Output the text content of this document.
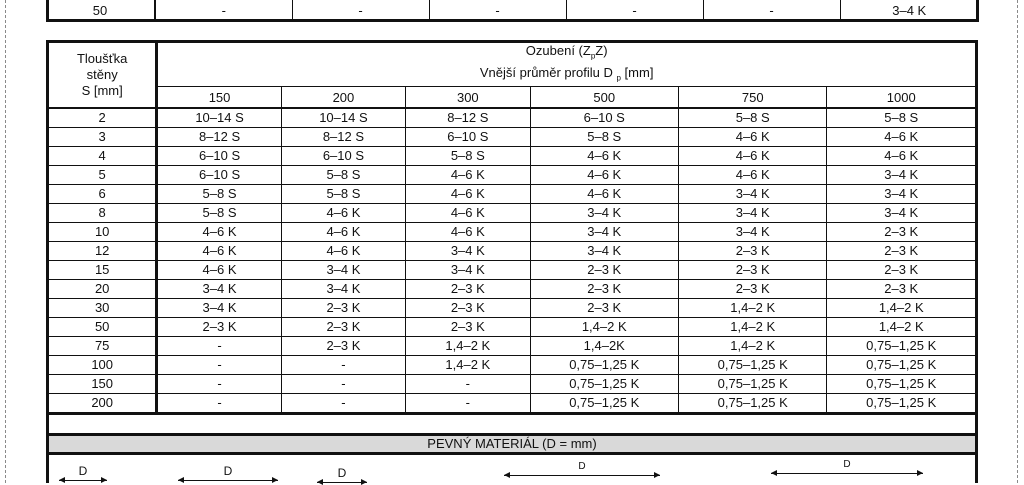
50	-	-	-	-	-	3–4 K
Tloušťka
stěny
S [mm]	Ozubení $(Z_pZ)$
Vnější průměr profilu D $_p$ [mm]					
	150	200	300	500	750	1000
2	10–14 S	10–14 S	8–12 S	6–10 S	5–8 S	5–8 S
3	8–12 S	8–12 S	6–10 S	5–8 S	4–6 K	4–6 K
4	6–10 S	6–10 S	5–8 S	4–6 K	4–6 K	4–6 K
5	6–10 S	5–8 S	4–6 K	4–6 K	4–6 K	3–4 K
6	5–8 S	5–8 S	4–6 K	4–6 K	3–4 K	3–4 K
8	5–8 S	4–6 K	4–6 K	3–4 K	3–4 K	3–4 K
10	4–6 K	4–6 K	4–6 K	3–4 K	3–4 K	2–3 K
12	4–6 K	4–6 K	3–4 K	3–4 K	2–3 K	2–3 K
15	4–6 K	3–4 K	3–4 K	2–3 K	2–3 K	2–3 K
20	3–4 K	3–4 K	2–3 K	2–3 K	2–3 K	2–3 K
30	3–4 K	2–3 K	2–3 K	2–3 K	1,4–2 K	1,4–2 K
50	2–3 K	2–3 K	2–3 K	1,4–2 K	1,4–2 K	1,4–2 K
75	-	2–3 K	1,4–2 K	1,4–2K	1,4–2 K	0,75–1,25 K
100	-	-	1,4–2 K	0,75–1,25 K	0,75–1,25 K	0,75–1,25 K
150	-	-	-	0,75–1,25 K	0,75–1,25 K	0,75–1,25 K
200	-	-	-	0,75–1,25 K	0,75–1,25 K	0,75–1,25 K
PEVNÝ MATERIÁL (D = mm)
D	D	D	D	D
